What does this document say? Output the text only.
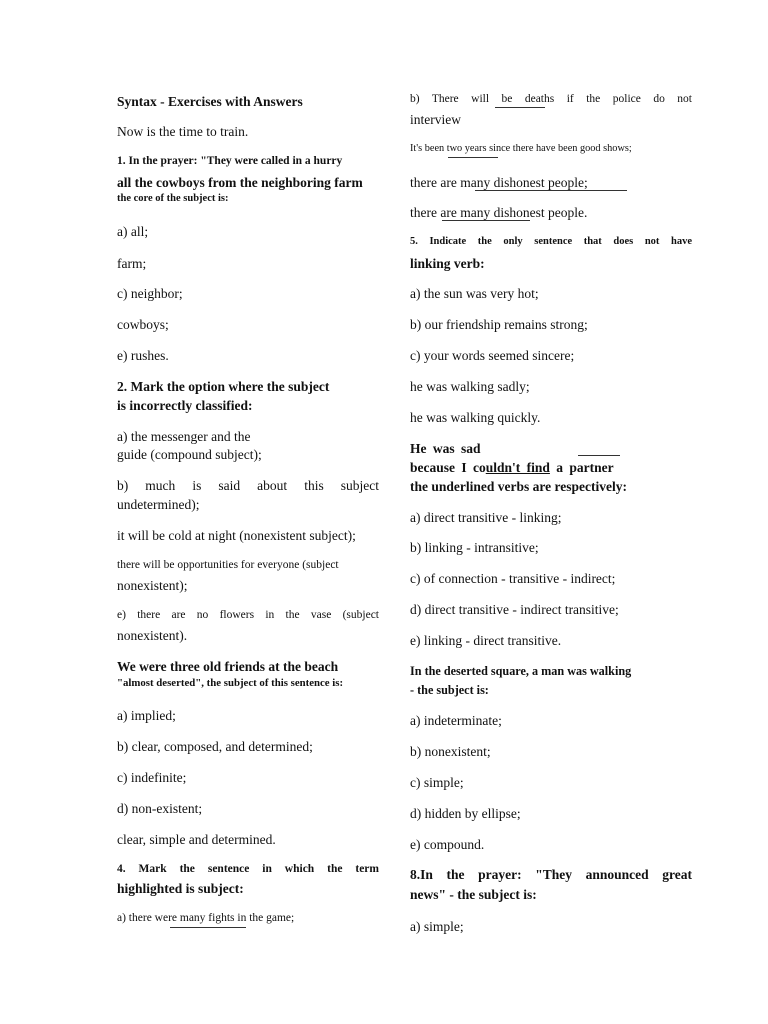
Syntax - Exercises with Answers
Now is the time to train.
1. In the prayer: "They were called in a hurry
all the cowboys from the neighboring farm
the core of the subject is:
a) all;
farm;
c) neighbor;
cowboys;
e) rushes.
2. Mark the option where the subject
is incorrectly classified:
a) the messenger and the
guide (compound subject);
b) much is said about this subject
undetermined);
it will be cold at night (nonexistent subject);
there will be opportunities for everyone (subject
nonexistent);
e) there are no flowers in the vase (subject
nonexistent).
We were three old friends at the beach
"almost deserted", the subject of this sentence is:
a) implied;
b) clear, composed, and determined;
c) indefinite;
d) non-existent;
clear, simple and determined.
4. Mark the sentence in which the term
highlighted is subject:
a) there were many fights in the game;
b) There will be deaths if the police do not
interview
It's been two years since there have been good shows;
there are many dishonest people;
there are many dishonest people.
5. Indicate the only sentence that does not have
linking verb:
a) the sun was very hot;
b) our friendship remains strong;
c) your words seemed sincere;
he was walking sadly;
he was walking quickly.
He was sad
because I couldn't find a partner
the underlined verbs are respectively:
a) direct transitive - linking;
b) linking - intransitive;
c) of connection - transitive - indirect;
d) direct transitive - indirect transitive;
e) linking - direct transitive.
In the deserted square, a man was walking
- the subject is:
a) indeterminate;
b) nonexistent;
c) simple;
d) hidden by ellipse;
e) compound.
8.In the prayer: "They announced great
news" - the subject is:
a) simple;
